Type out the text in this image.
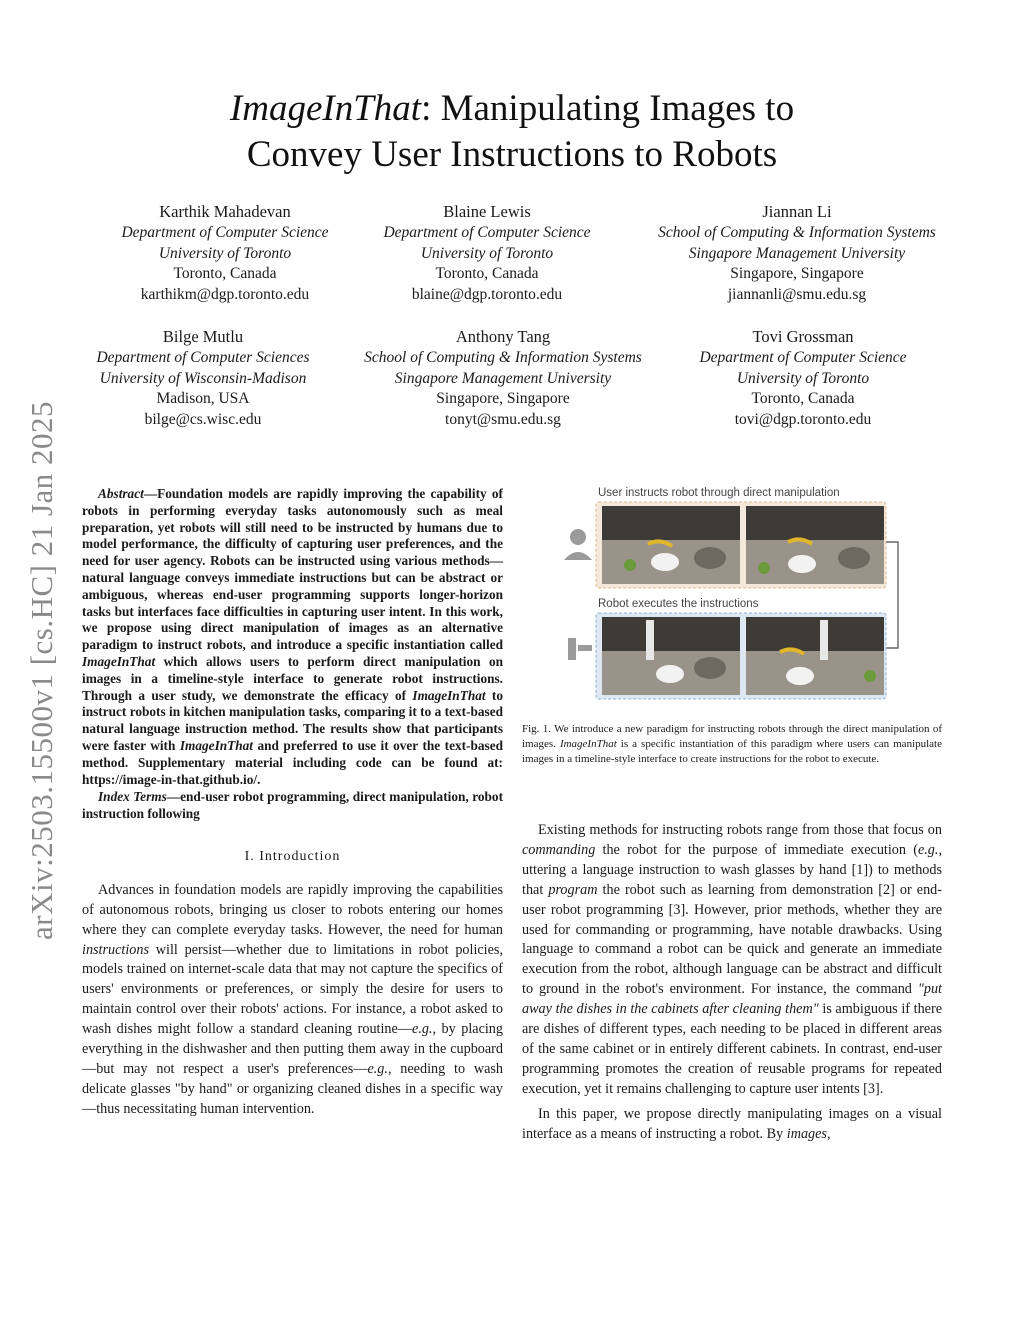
arXiv:2503.15500v1 [cs.HC] 21 Jan 2025
ImageInThat: Manipulating Images to
Convey User Instructions to Robots
Karthik Mahadevan
Department of Computer Science
University of Toronto
Toronto, Canada
karthikm@dgp.toronto.edu
Blaine Lewis
Department of Computer Science
University of Toronto
Toronto, Canada
blaine@dgp.toronto.edu
Jiannan Li
School of Computing & Information Systems
Singapore Management University
Singapore, Singapore
jiannanli@smu.edu.sg
Bilge Mutlu
Department of Computer Sciences
University of Wisconsin-Madison
Madison, USA
bilge@cs.wisc.edu
Anthony Tang
School of Computing & Information Systems
Singapore Management University
Singapore, Singapore
tonyt@smu.edu.sg
Tovi Grossman
Department of Computer Science
University of Toronto
Toronto, Canada
tovi@dgp.toronto.edu

Abstract—Foundation models are rapidly improving the capability of robots in performing everyday tasks autonomously such as meal preparation, yet robots will still need to be instructed by humans due to model performance, the difficulty of capturing user preferences, and the need for user agency. Robots can be instructed using various methods—natural language conveys immediate instructions but can be abstract or ambiguous, whereas end-user programming supports longer-horizon tasks but interfaces face difficulties in capturing user intent. In this work, we propose using direct manipulation of images as an alternative paradigm to instruct robots, and introduce a specific instantiation called ImageInThat which allows users to perform direct manipulation on images in a timeline-style interface to generate robot instructions. Through a user study, we demonstrate the efficacy of ImageInThat to instruct robots in kitchen manipulation tasks, comparing it to a text-based natural language instruction method. The results show that participants were faster with ImageInThat and preferred to use it over the text-based method. Supplementary material including code can be found at: https://image-in-that.github.io/.

Index Terms—end-user robot programming, direct manipulation, robot instruction following

I. Introduction

Advances in foundation models are rapidly improving the capabilities of autonomous robots, bringing us closer to robots entering our homes where they can complete everyday tasks. However, the need for human instructions will persist—whether due to limitations in robot policies, models trained on internet-scale data that may not capture the specifics of users' environments or preferences, or simply the desire for users to maintain control over their robots' actions. For instance, a robot asked to wash dishes might follow a standard cleaning routine—e.g., by placing everything in the dishwasher and then putting them away in the cupboard—but may not respect a user's preferences—e.g., needing to wash delicate glasses "by hand" or organizing cleaned dishes in a specific way—thus necessitating human intervention.

User instructs robot through direct manipulation
Robot executes the instructions
Fig. 1. We introduce a new paradigm for instructing robots through the direct manipulation of images. ImageInThat is a specific instantiation of this paradigm where users can manipulate images in a timeline-style interface to create instructions for the robot to execute.

Existing methods for instructing robots range from those that focus on commanding the robot for the purpose of immediate execution (e.g., uttering a language instruction to wash glasses by hand [1]) to methods that program the robot such as learning from demonstration [2] or end-user robot programming [3]. However, prior methods, whether they are used for commanding or programming, have notable drawbacks. Using language to command a robot can be quick and generate an immediate execution from the robot, although language can be abstract and difficult to ground in the robot's environment. For instance, the command "put away the dishes in the cabinets after cleaning them" is ambiguous if there are dishes of different types, each needing to be placed in different areas of the same cabinet or in entirely different cabinets. In contrast, end-user programming promotes the creation of reusable programs for repeated execution, yet it remains challenging to capture user intents [3].

In this paper, we propose directly manipulating images on a visual interface as a means of instructing a robot. By images,
